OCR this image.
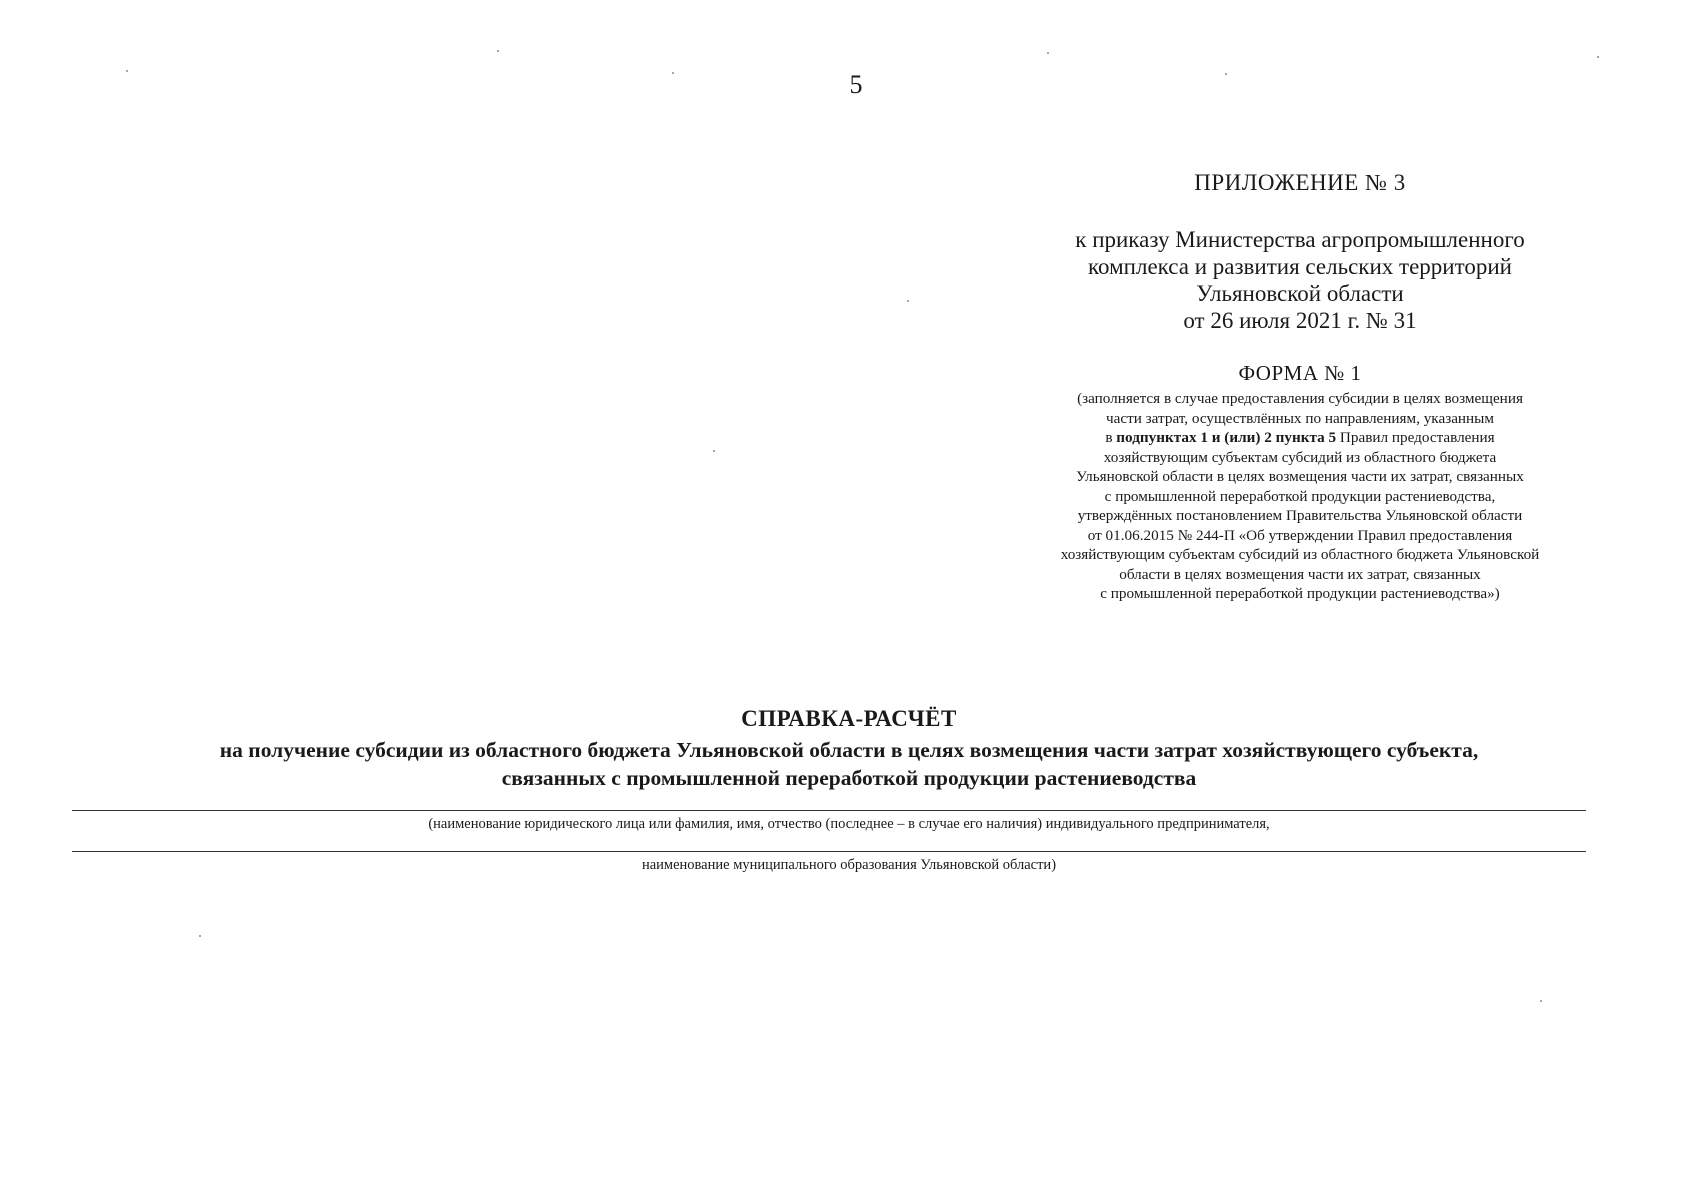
5
ПРИЛОЖЕНИЕ № 3
к приказу Министерства агропромышленного
комплекса и развития сельских территорий
Ульяновской области
от 26 июля 2021 г. № 31
ФОРМА № 1
(заполняется в случае предоставления субсидии в целях возмещения
части затрат, осуществлённых по направлениям, указанным
в подпунктах 1 и (или) 2 пункта 5 Правил предоставления
хозяйствующим субъектам субсидий из областного бюджета
Ульяновской области в целях возмещения части их затрат, связанных
с промышленной переработкой продукции растениеводства,
утверждённых постановлением Правительства Ульяновской области
от 01.06.2015 № 244-П «Об утверждении Правил предоставления
хозяйствующим субъектам субсидий из областного бюджета Ульяновской
области в целях возмещения части их затрат, связанных
с промышленной переработкой продукции растениеводства»)
СПРАВКА-РАСЧЁТ
на получение субсидии из областного бюджета Ульяновской области в целях возмещения части затрат хозяйствующего субъекта,
связанных с промышленной переработкой продукции растениеводства
(наименование юридического лица или фамилия, имя, отчество (последнее – в случае его наличия) индивидуального предпринимателя,
наименование муниципального образования Ульяновской области)
